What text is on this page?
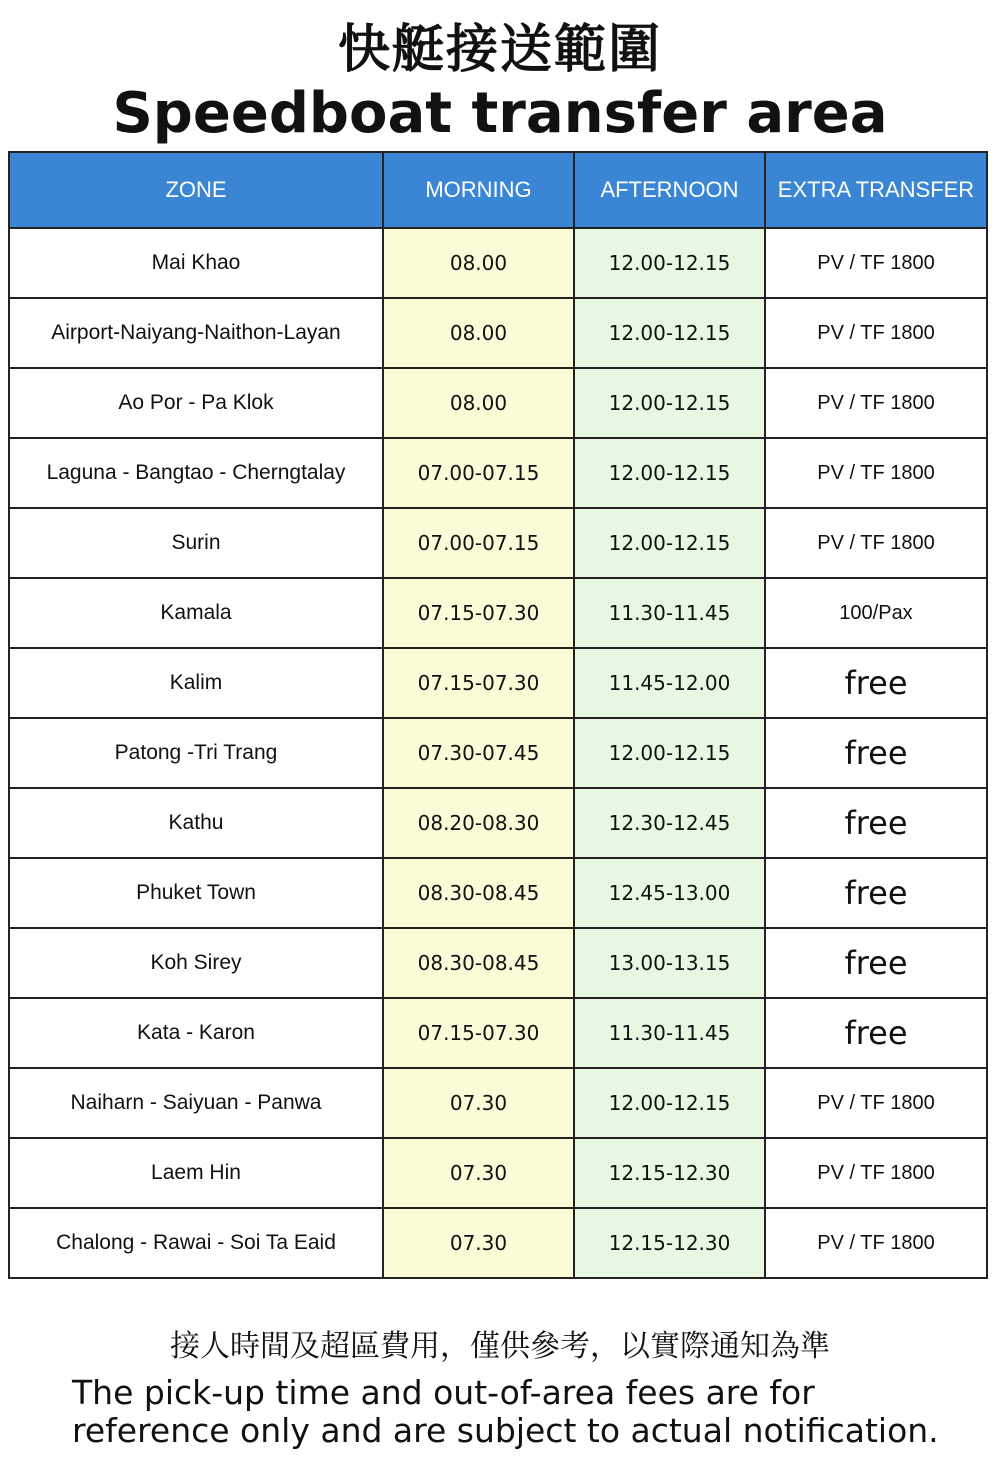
快艇接送範圍
Speedboat transfer area
ZONE	MORNING	AFTERNOON	EXTRA TRANSFER
Mai Khao	08.00	12.00-12.15	PV / TF 1800
Airport-Naiyang-Naithon-Layan	08.00	12.00-12.15	PV / TF 1800
Ao Por - Pa Klok	08.00	12.00-12.15	PV / TF 1800
Laguna - Bangtao - Cherngtalay	07.00-07.15	12.00-12.15	PV / TF 1800
Surin	07.00-07.15	12.00-12.15	PV / TF 1800
Kamala	07.15-07.30	11.30-11.45	100/Pax
Kalim	07.15-07.30	11.45-12.00	free
Patong -Tri Trang	07.30-07.45	12.00-12.15	free
Kathu	08.20-08.30	12.30-12.45	free
Phuket Town	08.30-08.45	12.45-13.00	free
Koh Sirey	08.30-08.45	13.00-13.15	free
Kata - Karon	07.15-07.30	11.30-11.45	free
Naiharn - Saiyuan - Panwa	07.30	12.00-12.15	PV / TF 1800
Laem Hin	07.30	12.15-12.30	PV / TF 1800
Chalong - Rawai - Soi Ta Eaid	07.30	12.15-12.30	PV / TF 1800
接人時間及超區費用，僅供參考，以實際通知為準
The pick-up time and out-of-area fees are for reference only and are subject to actual notification.
